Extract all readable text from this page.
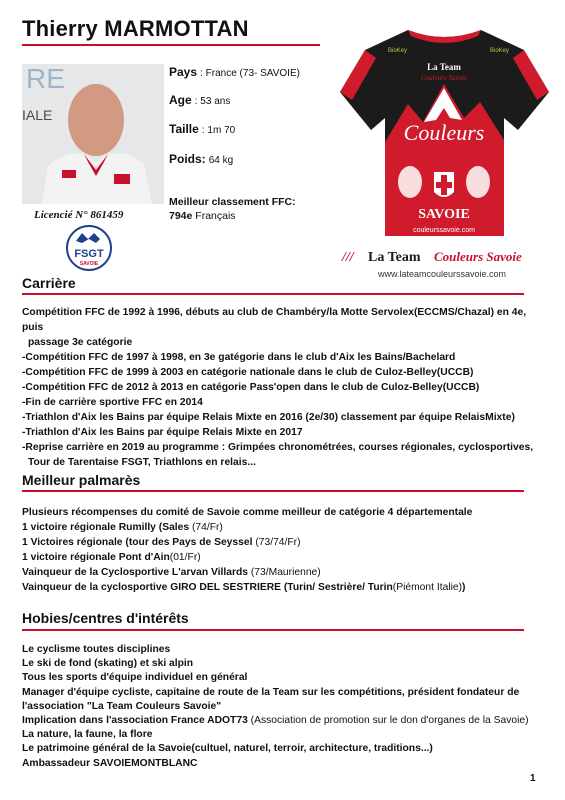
Thierry MARMOTTAN
RE
IALE
Pays : France (73- SAVOIE)
Age : 53 ans
Taille : 1m 70
Poids: 64 kg
Meilleur classement FFC:
794e Français
Licencié N° 861459
FSGT
SAVOIE
La Team
Couleurs Savoie
BioKey	BioKey
Couleurs
SAVOIE
couleurssavoie.com
/// La Team Couleurs Savoie
www.lateamcouleurssavoie.com
Carrière
Compétition FFC de 1992 à 1996, débuts au club de Chambéry/la Motte Servolex(ECCMS/Chazal) en 4e, puis
passage 3e catégorie
-Compétition FFC de 1997 à 1998, en 3e gatégorie dans le club d'Aix les Bains/Bachelard
-Compétition FFC de 1999 à 2003 en catégorie nationale dans le club de Culoz-Belley(UCCB)
-Compétition FFC de 2012 à 2013 en catégorie Pass'open dans le club de Culoz-Belley(UCCB)
-Fin de carrière sportive FFC en 2014
-Triathlon d'Aix les Bains par équipe Relais Mixte en 2016 (2e/30) classement par équipe RelaisMixte)
-Triathlon d'Aix les Bains par équipe Relais Mixte en 2017
-Reprise carrière en 2019 au programme : Grimpées chronométrées, courses régionales, cyclosportives,
Tour de Tarentaise FSGT, Triathlons en relais...
Meilleur palmarès
Plusieurs récompenses du comité de Savoie comme meilleur de catégorie 4 départementale
1 victoire régionale Rumilly (Sales (74/Fr)
1 Victoires régionale (tour des Pays de Seyssel (73/74/Fr)
1 victoire régionale Pont d'Ain(01/Fr)
Vainqueur de la Cyclosportive L'arvan Villards (73/Maurienne)
Vainqueur de la cyclosportive GIRO DEL SESTRIERE (Turin/ Sestrière/ Turin(Piémont Italie))
Hobies/centres d'intérêts
Le cyclisme toutes disciplines
Le ski de fond (skating) et ski alpin
Tous les sports d'équipe individuel en général
Manager d'équipe cycliste, capitaine de route de la Team sur les compétitions, président fondateur de
l'association "La Team Couleurs Savoie"
Implication dans l'association France ADOT73 (Association de promotion sur le don d'organes de la Savoie)
La nature, la faune, la flore
Le patrimoine général de la Savoie(cultuel, naturel, terroir, architecture, traditions...)
Ambassadeur SAVOIEMONTBLANC
1
